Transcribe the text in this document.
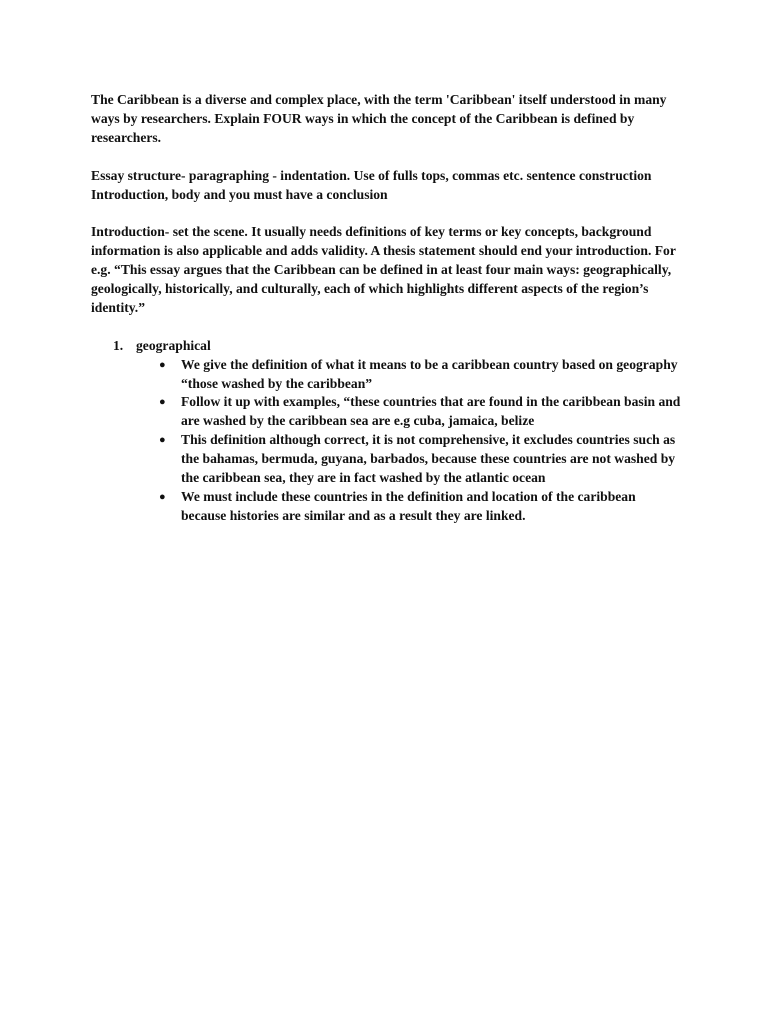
The Caribbean is a diverse and complex place, with the term 'Caribbean' itself understood in many ways by researchers. Explain FOUR ways in which the concept of the Caribbean is defined by researchers.

Essay structure- paragraphing - indentation. Use of fulls tops, commas etc. sentence construction Introduction, body and you must have a conclusion

Introduction- set the scene. It usually needs definitions of key terms or key concepts, background information is also applicable and adds validity. A thesis statement should end your introduction. For e.g. “This essay argues that the Caribbean can be defined in at least four main ways: geographically, geologically, historically, and culturally, each of which highlights different aspects of the region’s identity.”

1. geographical
● We give the definition of what it means to be a caribbean country based on geography “those washed by the caribbean”
● Follow it up with examples, “these countries that are found in the caribbean basin and are washed by the caribbean sea are e.g cuba, jamaica, belize
● This definition although correct, it is not comprehensive, it excludes countries such as the bahamas, bermuda, guyana, barbados, because these countries are not washed by the caribbean sea, they are in fact washed by the atlantic ocean
● We must include these countries in the definition and location of the caribbean because histories are similar and as a result they are linked.
